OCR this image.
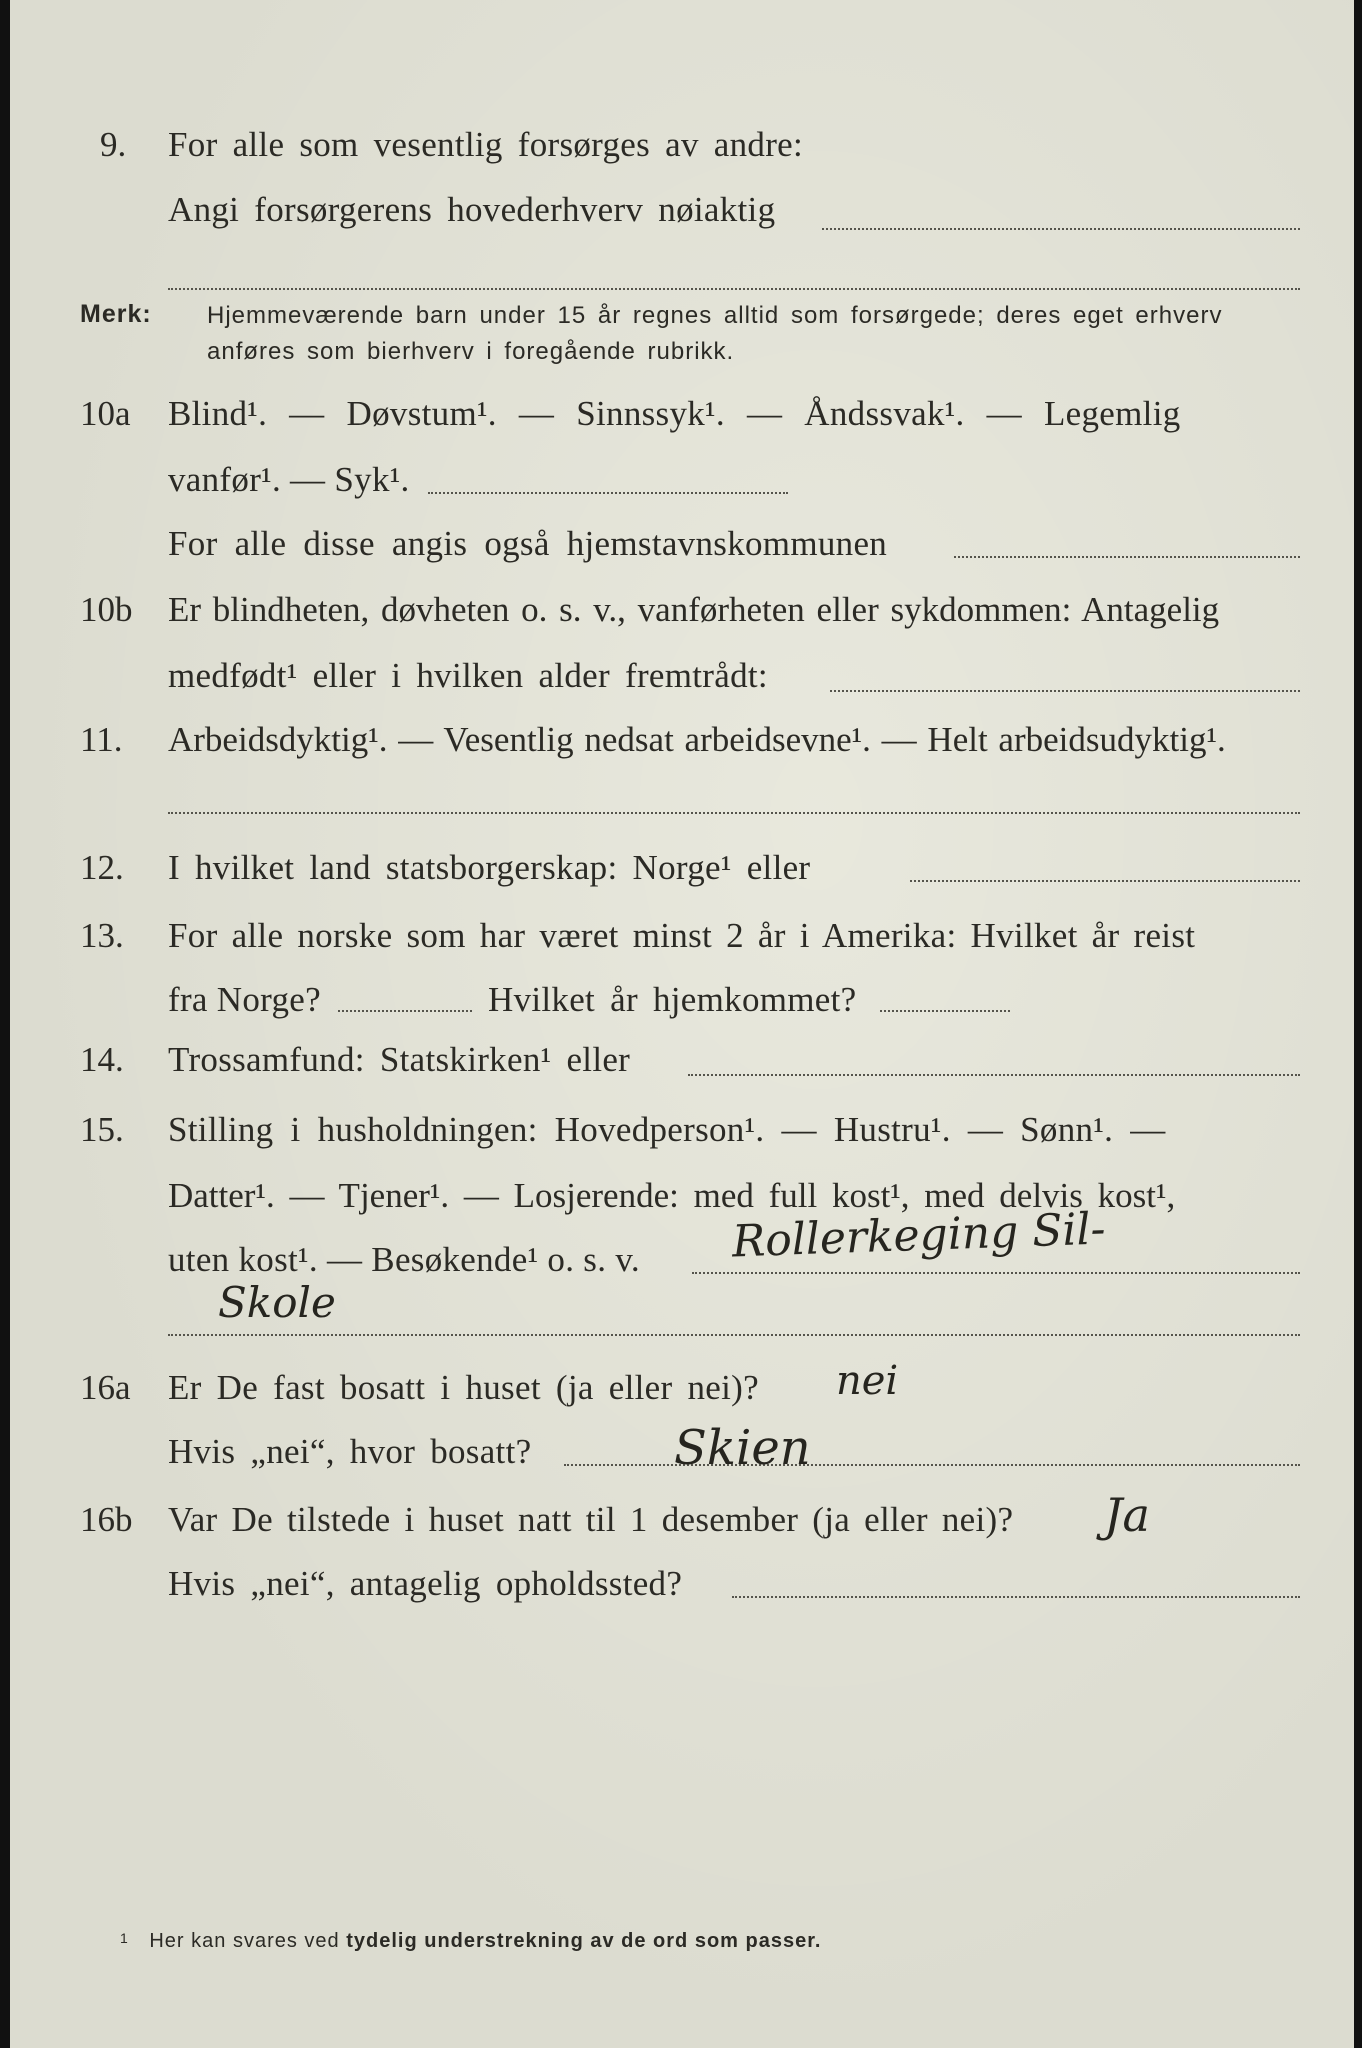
9. For alle som vesentlig forsørges av andre:
Angi forsørgerens hovederhverv nøiaktig
Merk: Hjemmeværende barn under 15 år regnes alltid som forsørgede; deres eget erhverv
anføres som bierhverv i foregående rubrikk.
10a Blind¹. — Døvstum¹. — Sinnssyk¹. — Åndssvak¹. — Legemlig
vanfør¹. — Syk¹.
For alle disse angis også hjemstavnskommunen
10b Er blindheten, døvheten o. s. v., vanførheten eller sykdommen: Antagelig
medfødt¹ eller i hvilken alder fremtrådt:
11. Arbeidsdyktig¹. — Vesentlig nedsat arbeidsevne¹. — Helt arbeidsudyktig¹.
12. I hvilket land statsborgerskap: Norge¹ eller
13. For alle norske som har været minst 2 år i Amerika: Hvilket år reist
fra Norge?	Hvilket år hjemkommet?
14. Trossamfund: Statskirken¹ eller
15. Stilling i husholdningen: Hovedperson¹. — Hustru¹. — Sønn¹. —
Datter¹. — Tjener¹. — Losjerende: med full kost¹, med delvis kost¹,
uten kost¹. — Besøkende¹ o. s. v. Rollerkeging Sil-
Skole
16a Er De fast bosatt i huset (ja eller nei)? nei
Hvis „nei“, hvor bosatt?	Skien
16b Var De tilstede i huset natt til 1 desember (ja eller nei)? Ja
Hvis „nei“, antagelig opholdssted?
$^1$ Her kan svares ved tydelig understrekning av de ord som passer.
